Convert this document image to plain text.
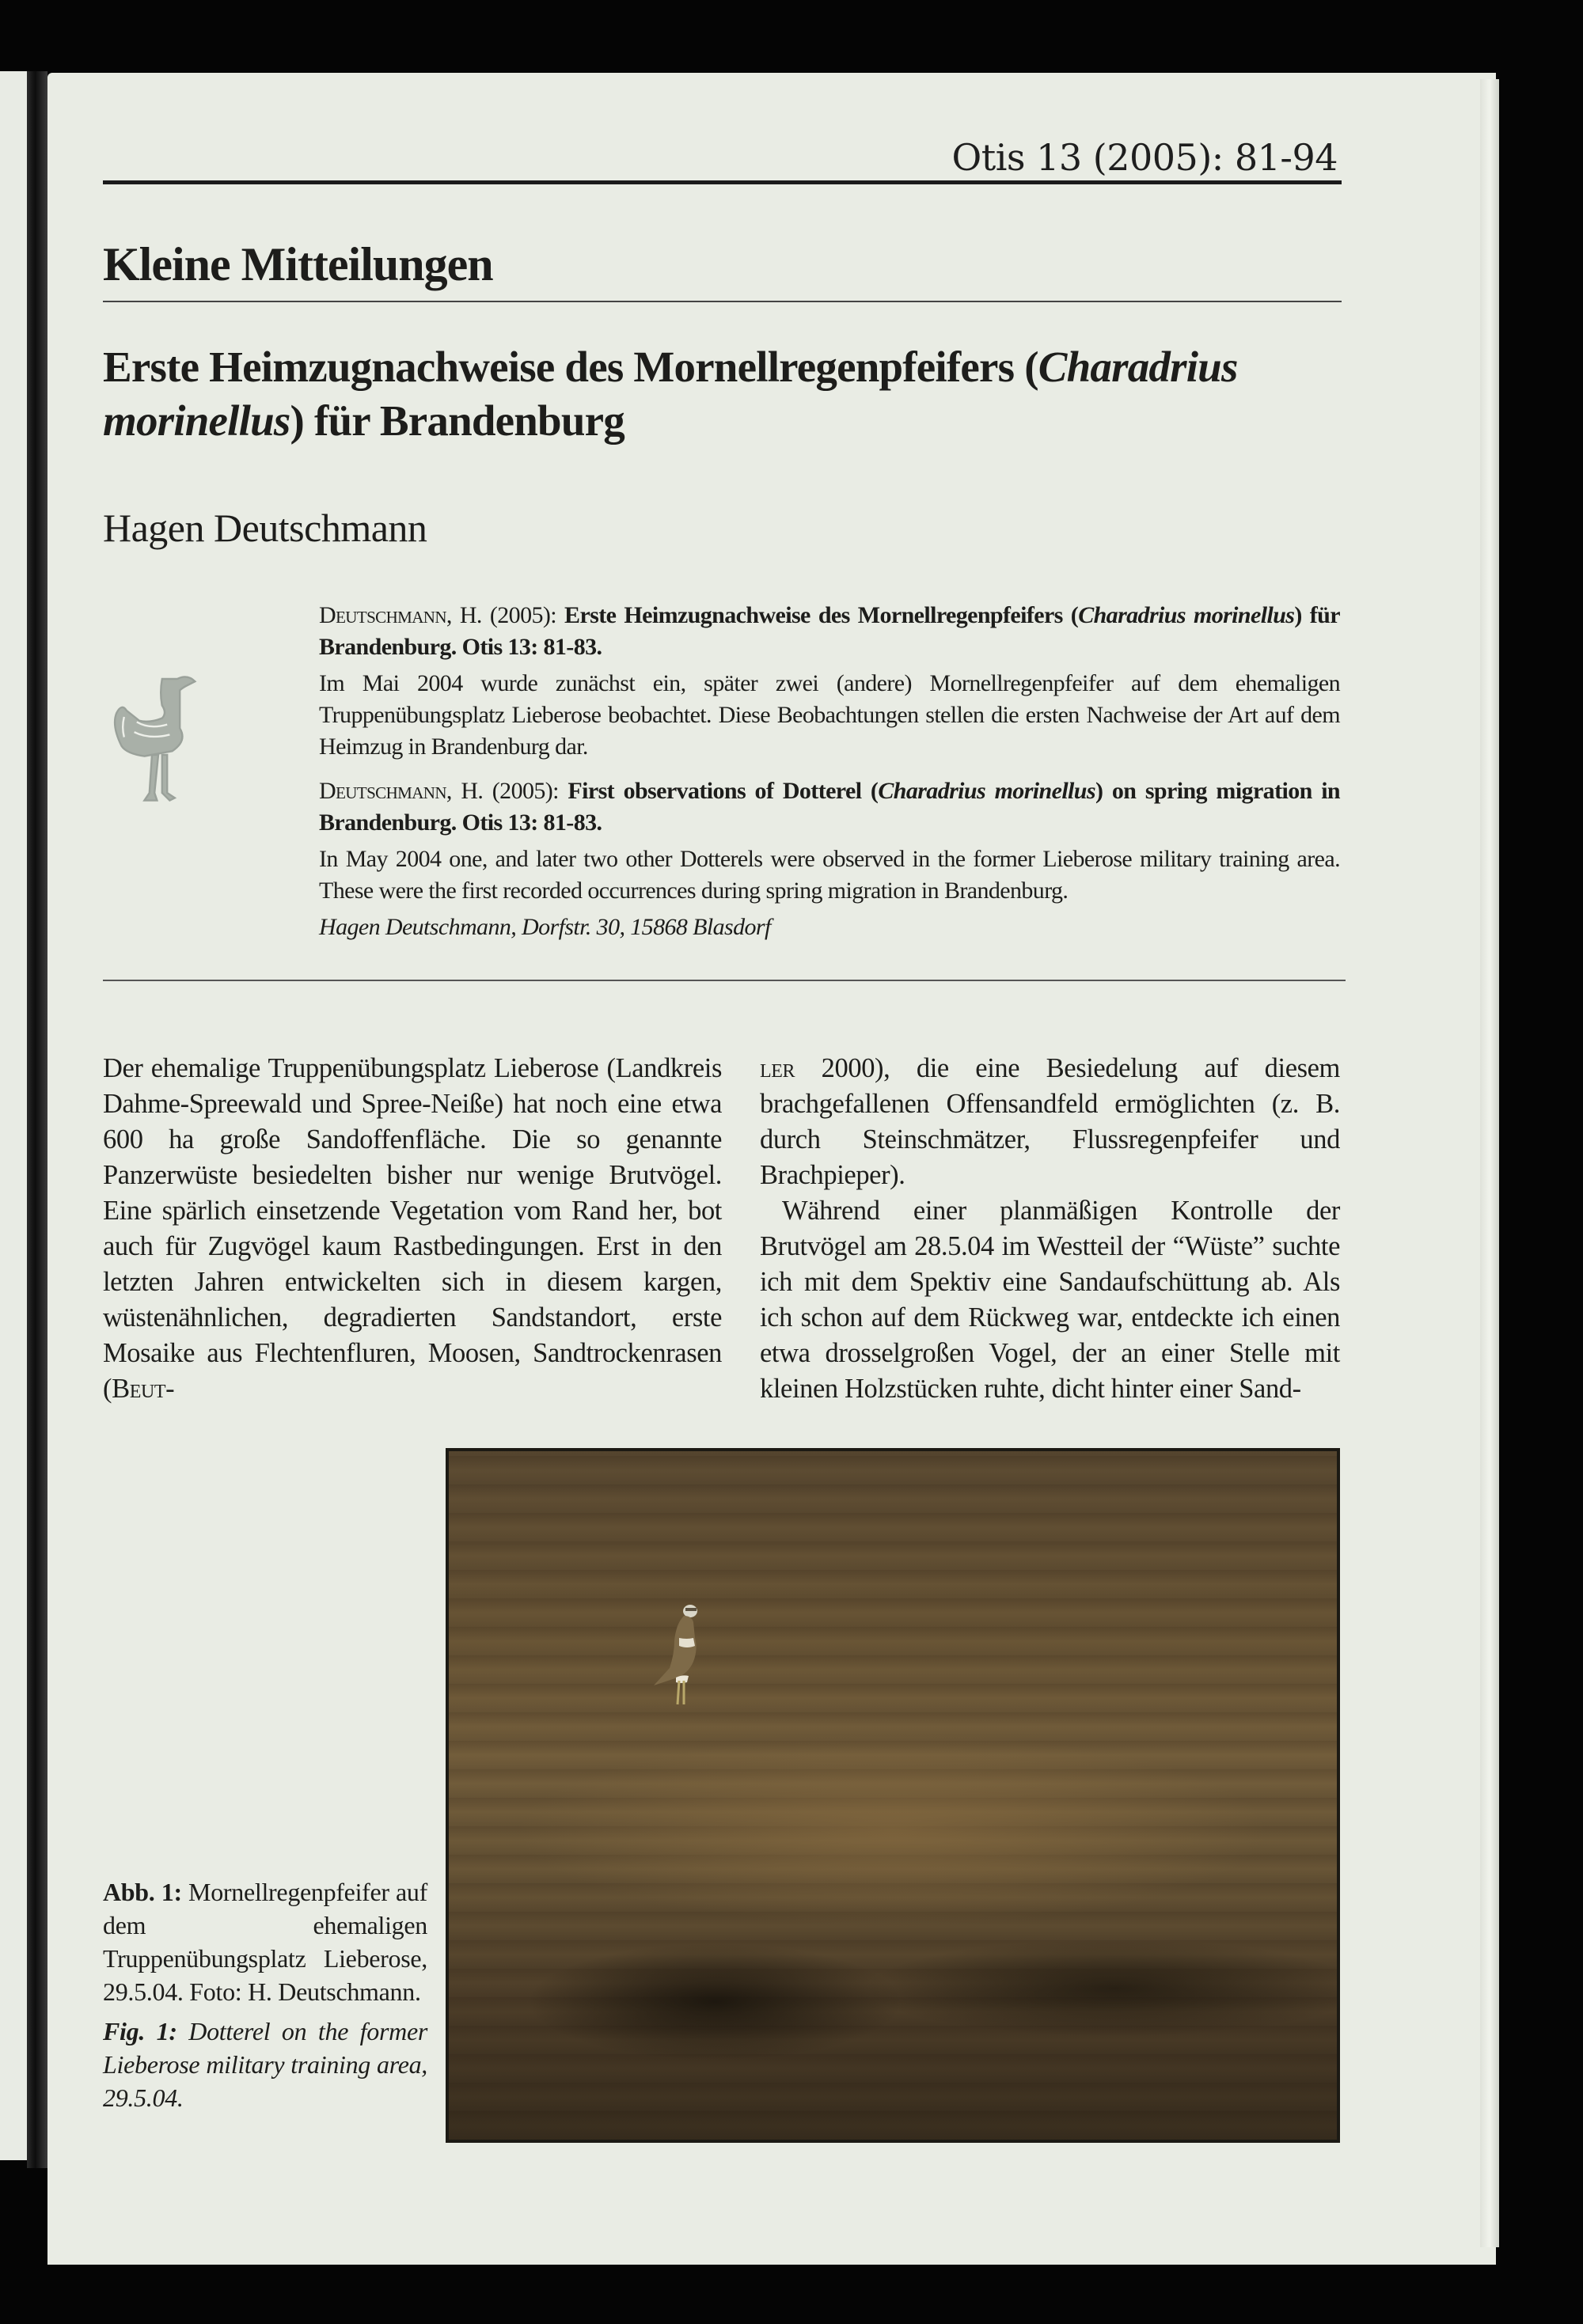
Otis 13 (2005): 81-94
Kleine Mitteilungen
Erste Heimzugnachweise des Mornellregenpfeifers (Charadrius morinellus) für Brandenburg
Hagen Deutschmann

Deutschmann, H. (2005): Erste Heimzugnachweise des Mornellregenpfeifers (Charadrius morinellus) für Brandenburg. Otis 13: 81-83.

Im Mai 2004 wurde zunächst ein, später zwei (andere) Mornellregenpfeifer auf dem ehemaligen Truppenübungsplatz Lieberose beobachtet. Diese Beobachtungen stellen die ersten Nachweise der Art auf dem Heimzug in Brandenburg dar.

Deutschmann, H. (2005): First observations of Dotterel (Charadrius morinellus) on spring migration in Brandenburg. Otis 13: 81-83.

In May 2004 one, and later two other Dotterels were observed in the former Lieberose military training area. These were the first recorded occurrences during spring migration in Brandenburg.

Hagen Deutschmann, Dorfstr. 30, 15868 Blasdorf

Der ehemalige Truppenübungsplatz Lieberose (Landkreis Dahme-Spreewald und Spree-Neiße) hat noch eine etwa 600 ha große Sandoffenfläche. Die so genannte Panzerwüste besiedelten bisher nur wenige Brutvögel. Eine spärlich einsetzende Vegetation vom Rand her, bot auch für Zugvögel kaum Rastbedingungen. Erst in den letzten Jahren entwickelten sich in diesem kargen, wüstenähnlichen, degradierten Sandstandort, erste Mosaike aus Flechtenfluren, Moosen, Sandtrockenrasen (Beut-

ler 2000), die eine Besiedelung auf diesem brachgefallenen Offensandfeld ermöglichten (z. B. durch Steinschmätzer, Flussregenpfeifer und Brachpieper).

Während einer planmäßigen Kontrolle der Brutvögel am 28.5.04 im Westteil der “Wüste” suchte ich mit dem Spektiv eine Sandaufschüttung ab. Als ich schon auf dem Rückweg war, entdeckte ich einen etwa drosselgroßen Vogel, der an einer Stelle mit kleinen Holzstücken ruhte, dicht hinter einer Sand-

Abb. 1: Mornellregenpfeifer auf dem ehemaligen Truppenübungsplatz Lieberose, 29.5.04. Foto: H. Deutschmann.

Fig. 1: Dotterel on the former Lieberose military training area, 29.5.04.
